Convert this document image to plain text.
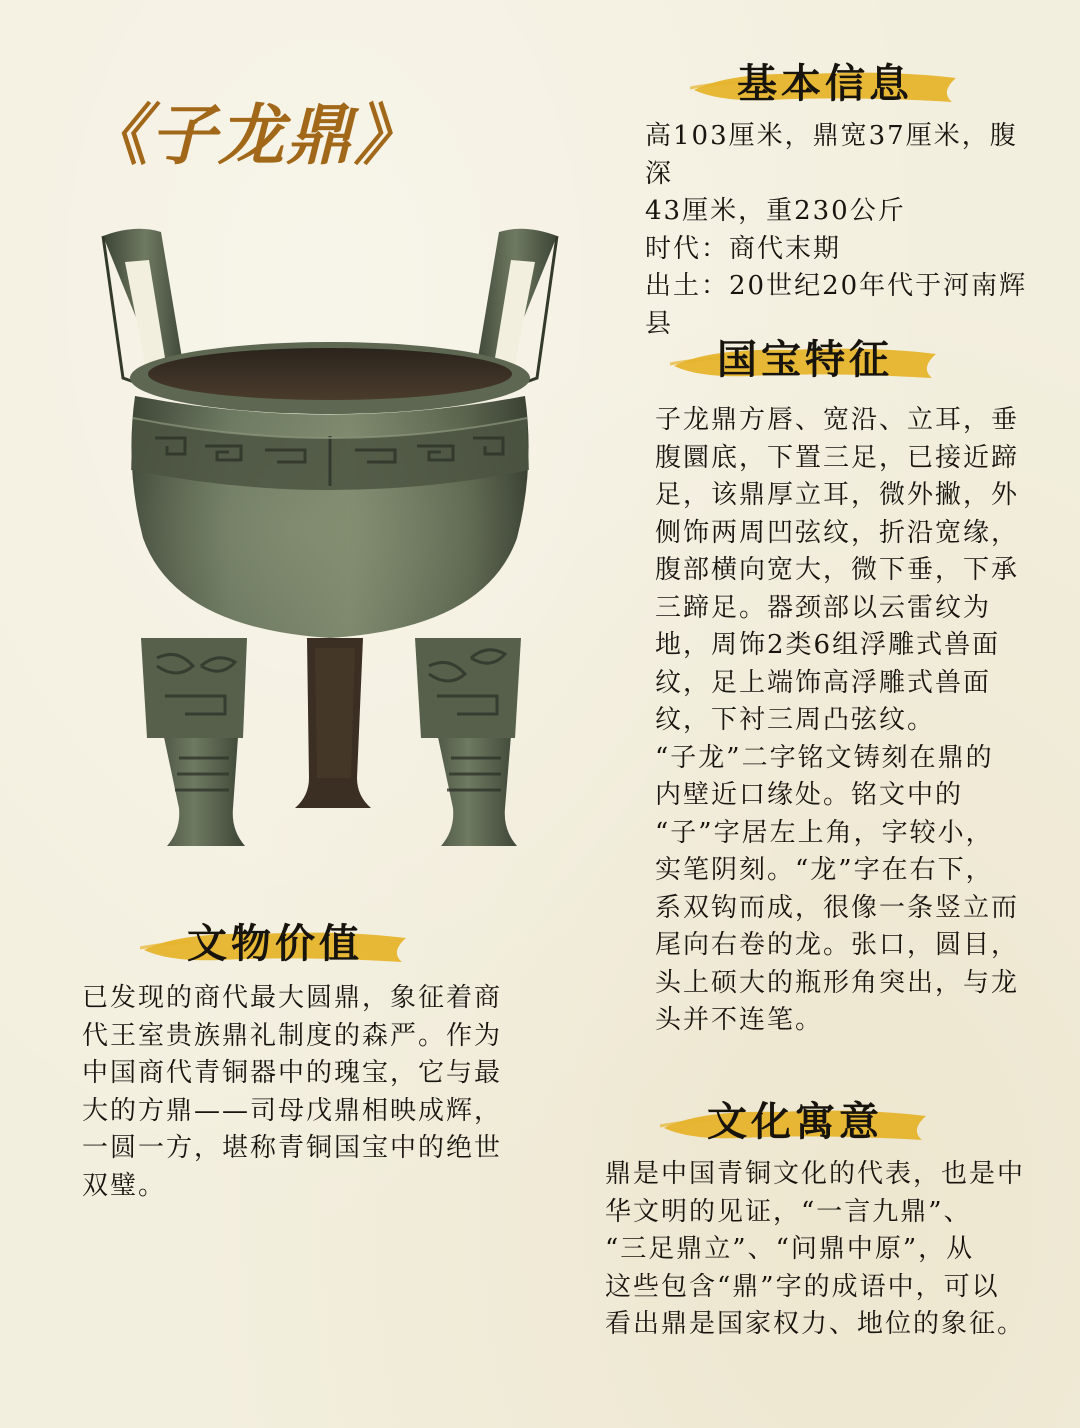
《子龙鼎》
基本信息

高103厘米，鼎宽37厘米，腹深

43厘米，重230公斤

时代：商代末期

出土：20世纪20年代于河南辉

县

国宝特征

子龙鼎方唇、宽沿、立耳，垂

腹圜底，下置三足，已接近蹄

足，该鼎厚立耳，微外撇，外

侧饰两周凹弦纹，折沿宽缘，

腹部横向宽大，微下垂，下承

三蹄足。器颈部以云雷纹为

地，周饰2类6组浮雕式兽面

纹，足上端饰高浮雕式兽面

纹，下衬三周凸弦纹。

“子龙”二字铭文铸刻在鼎的

内壁近口缘处。铭文中的

“子”字居左上角，字较小，

实笔阴刻。“龙”字在右下，

系双钩而成，很像一条竖立而

尾向右卷的龙。张口，圆目，

头上硕大的瓶形角突出，与龙

头并不连笔。

文物价值

已发现的商代最大圆鼎，象征着商

代王室贵族鼎礼制度的森严。作为

中国商代青铜器中的瑰宝，它与最

大的方鼎——司母戊鼎相映成辉，

一圆一方，堪称青铜国宝中的绝世

双璧。

文化寓意

鼎是中国青铜文化的代表，也是中

华文明的见证，“一言九鼎”、

“三足鼎立”、“问鼎中原”，从

这些包含“鼎”字的成语中，可以

看出鼎是国家权力、地位的象征。
